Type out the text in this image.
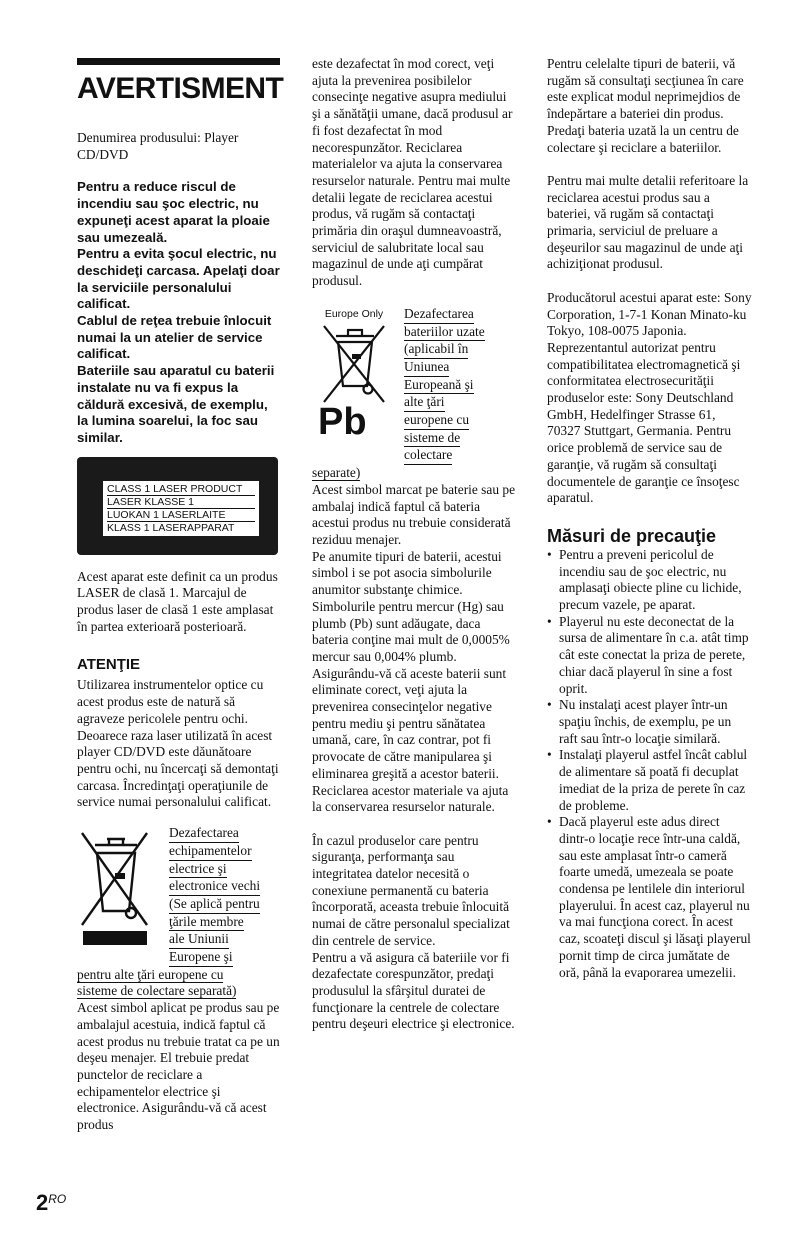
AVERTISMENT

Denumirea produsului: Player CD/DVD

Pentru a reduce riscul de incendiu sau şoc electric, nu expuneţi acest aparat la ploaie sau umezeală.
Pentru a evita şocul electric, nu deschideţi carcasa. Apelaţi doar la serviciile personalului calificat.
Cablul de reţea trebuie înlocuit numai la un atelier de service calificat.
Bateriile sau aparatul cu baterii instalate nu va fi expus la căldură excesivă, de exemplu, la lumina soarelui, la foc sau similar.

CLASS 1 LASER PRODUCT
LASER KLASSE 1
LUOKAN 1 LASERLAITE
KLASS 1 LASERAPPARAT

Acest aparat este definit ca un produs LASER de clasă 1. Marcajul de produs laser de clasă 1 este amplasat în partea exterioară posterioară.

ATENŢIE

Utilizarea instrumentelor optice cu acest produs este de natură să agraveze pericolele pentru ochi. Deoarece raza laser utilizată în acest player CD/DVD este dăunătoare pentru ochi, nu încercaţi să demontaţi carcasa. Încredinţaţi operaţiunile de service numai personalului calificat.

Dezafectarea
echipamentelor
electrice şi
electronice vechi
(Se aplică pentru
ţările membre
ale Uniunii
Europene şi
pentru alte ţări europene cu
sisteme de colectare separată)

Acest simbol aplicat pe produs sau pe ambalajul acestuia, indică faptul că acest produs nu trebuie tratat ca pe un deşeu menajer. El trebuie predat punctelor de reciclare a echipamentelor electrice şi electronice. Asigurându-vă că acest produs

este dezafectat în mod corect, veţi ajuta la prevenirea posibilelor consecinţe negative asupra mediului şi a sănătăţii umane, dacă produsul ar fi fost dezafectat în mod necorespunzător. Reciclarea materialelor va ajuta la conservarea resurselor naturale. Pentru mai multe detalii legate de reciclarea acestui produs, vă rugăm să contactaţi primăria din oraşul dumneavoastră, serviciul de salubritate local sau magazinul de unde aţi cumpărat produsul.

Europe Only
Pb
Dezafectarea
bateriilor uzate
(aplicabil în
Uniunea
Europeană şi
alte ţări
europene cu
sisteme de
colectare
separate)

Acest simbol marcat pe baterie sau pe ambalaj indică faptul că bateria acestui produs nu trebuie considerată reziduu menajer.
Pe anumite tipuri de baterii, acestui simbol i se pot asocia simbolurile anumitor substanţe chimice. Simbolurile pentru mercur (Hg) sau plumb (Pb) sunt adăugate, daca bateria conţine mai mult de 0,0005% mercur sau 0,004% plumb. Asigurându-vă că aceste baterii sunt eliminate corect, veţi ajuta la prevenirea consecinţelor negative pentru mediu şi pentru sănătatea umană, care, în caz contrar, pot fi provocate de către manipularea şi eliminarea greşită a acestor baterii. Reciclarea acestor materiale va ajuta la conservarea resurselor naturale.

În cazul produselor care pentru siguranţa, performanţa sau integritatea datelor necesită o conexiune permanentă cu bateria încorporată, aceasta trebuie înlocuită numai de către personalul specializat din centrele de service.
Pentru a vă asigura că bateriile vor fi dezafectate corespunzător, predaţi produsulul la sfârşitul duratei de funcţionare la centrele de colectare pentru deşeuri electrice şi electronice.

Pentru celelalte tipuri de baterii, vă rugăm să consultaţi secţiunea în care este explicat modul neprimejdios de îndepărtare a bateriei din produs. Predaţi bateria uzată la un centru de colectare şi reciclare a bateriilor.

Pentru mai multe detalii referitoare la reciclarea acestui produs sau a bateriei, vă rugăm să contactaţi primaria, serviciul de preluare a deşeurilor sau magazinul de unde aţi achiziţionat produsul.

Producătorul acestui aparat este: Sony Corporation, 1-7-1 Konan Minato-ku Tokyo, 108-0075 Japonia. Reprezentantul autorizat pentru compatibilitatea electromagnetică şi conformitatea electrosecurităţii produselor este: Sony Deutschland GmbH, Hedelfinger Strasse 61, 70327 Stuttgart, Germania. Pentru orice problemă de service sau de garanţie, vă rugăm să consultaţi documentele de garanţie ce însoţesc aparatul.

Măsuri de precauţie
• Pentru a preveni pericolul de incendiu sau de şoc electric, nu amplasaţi obiecte pline cu lichide, precum vazele, pe aparat.
• Playerul nu este deconectat de la sursa de alimentare în c.a. atât timp cât este conectat la priza de perete, chiar dacă playerul în sine a fost oprit.
• Nu instalaţi acest player într-un spaţiu închis, de exemplu, pe un raft sau într-o locaţie similară.
• Instalaţi playerul astfel încât cablul de alimentare să poată fi decuplat imediat de la priza de perete în caz de probleme.
• Dacă playerul este adus direct dintr-o locaţie rece într-una caldă, sau este amplasat într-o cameră foarte umedă, umezeala se poate condensa pe lentilele din interiorul playerului. În acest caz, playerul nu va mai funcţiona corect. În acest caz, scoateţi discul şi lăsaţi playerul pornit timp de circa jumătate de oră, până la evaporarea umezelii.
$2^{RO}$
